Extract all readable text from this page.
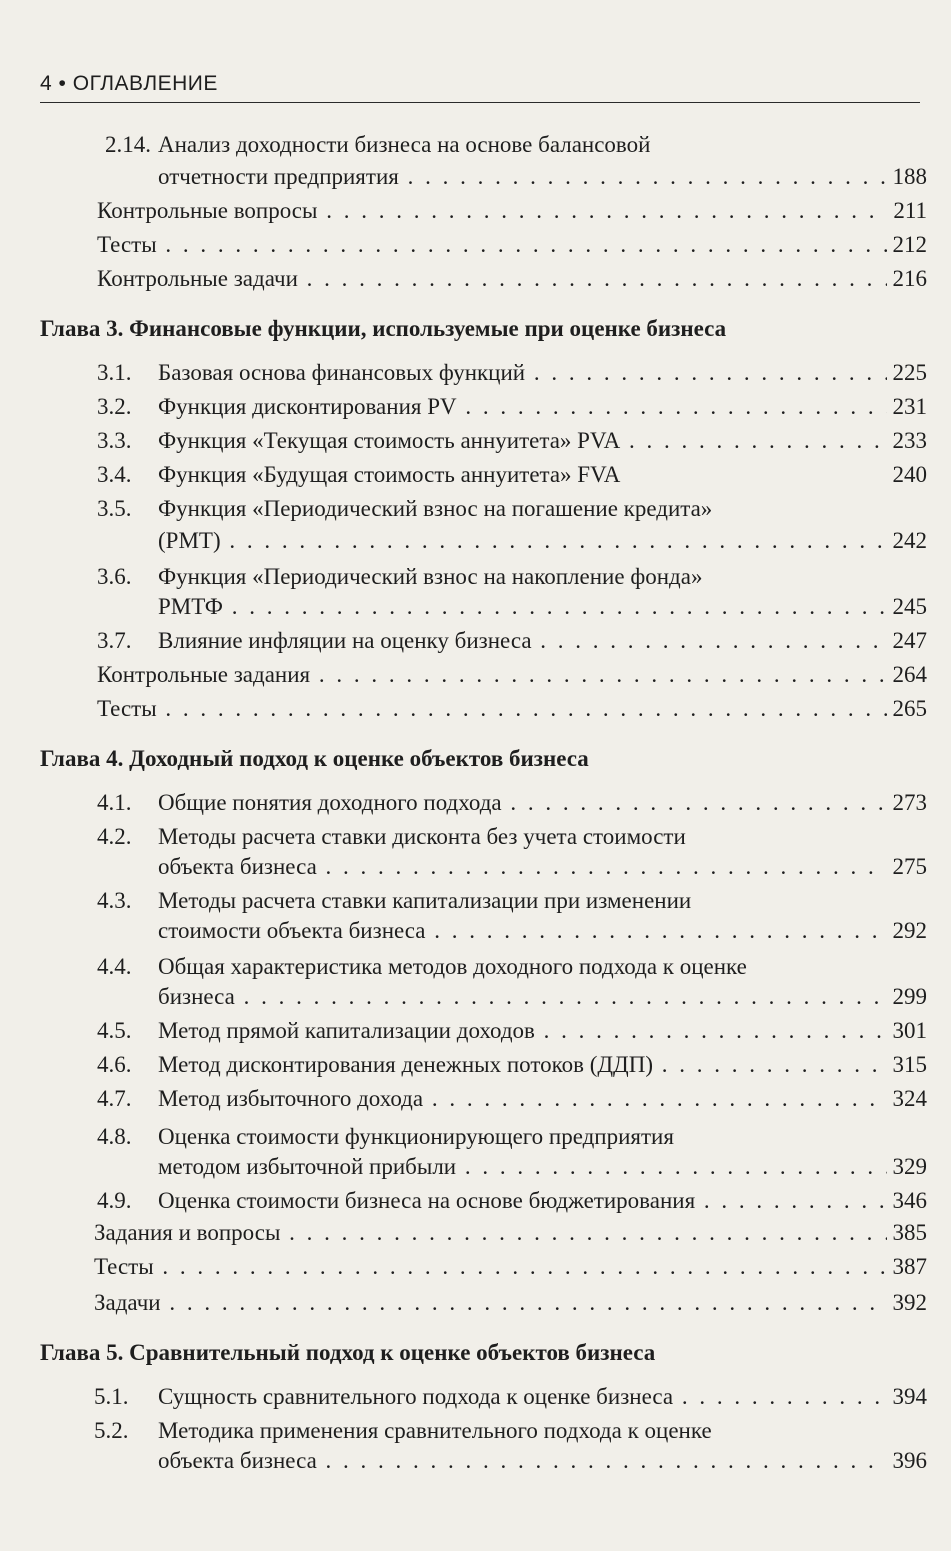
4 • ОГЛАВЛЕНИЕ
2.14. Анализ доходности бизнеса на основе балансовой
отчетности предприятия . . .	188
Контрольные вопросы . . .	211
Тесты . . .	212
Контрольные задачи . . .	216
Глава 3. Финансовые функции, используемые при оценке бизнеса
3.1. Базовая основа финансовых функций . . .	225
3.2. Функция дисконтирования PV . . .	231
3.3. Функция «Текущая стоимость аннуитета» PVA . . .	233
3.4. Функция «Будущая стоимость аннуитета» FVA	240
3.5. Функция «Периодический взнос на погашение кредита»
(PMT) . . .	242
3.6. Функция «Периодический взнос на накопление фонда»
РМТФ . . .	245
3.7. Влияние инфляции на оценку бизнеса . . .	247
Контрольные задания . . .	264
Тесты . . .	265
Глава 4. Доходный подход к оценке объектов бизнеса
4.1. Общие понятия доходного подхода . . .	273
4.2. Методы расчета ставки дисконта без учета стоимости
объекта бизнеса . . .	275
4.3. Методы расчета ставки капитализации при изменении
стоимости объекта бизнеса . . .	292
4.4. Общая характеристика методов доходного подхода к оценке
бизнеса . . .	299
4.5. Метод прямой капитализации доходов . . .	301
4.6. Метод дисконтирования денежных потоков (ДДП) . . .	315
4.7. Метод избыточного дохода . . .	324
4.8. Оценка стоимости функционирующего предприятия
методом избыточной прибыли . . .	329
4.9. Оценка стоимости бизнеса на основе бюджетирования . . .	346
Задания и вопросы . . .	385
Тесты . . .	387
Задачи . . .	392
Глава 5. Сравнительный подход к оценке объектов бизнеса
5.1. Сущность сравнительного подхода к оценке бизнеса . . .	394
5.2. Методика применения сравнительного подхода к оценке
объекта бизнеса . . .	396
